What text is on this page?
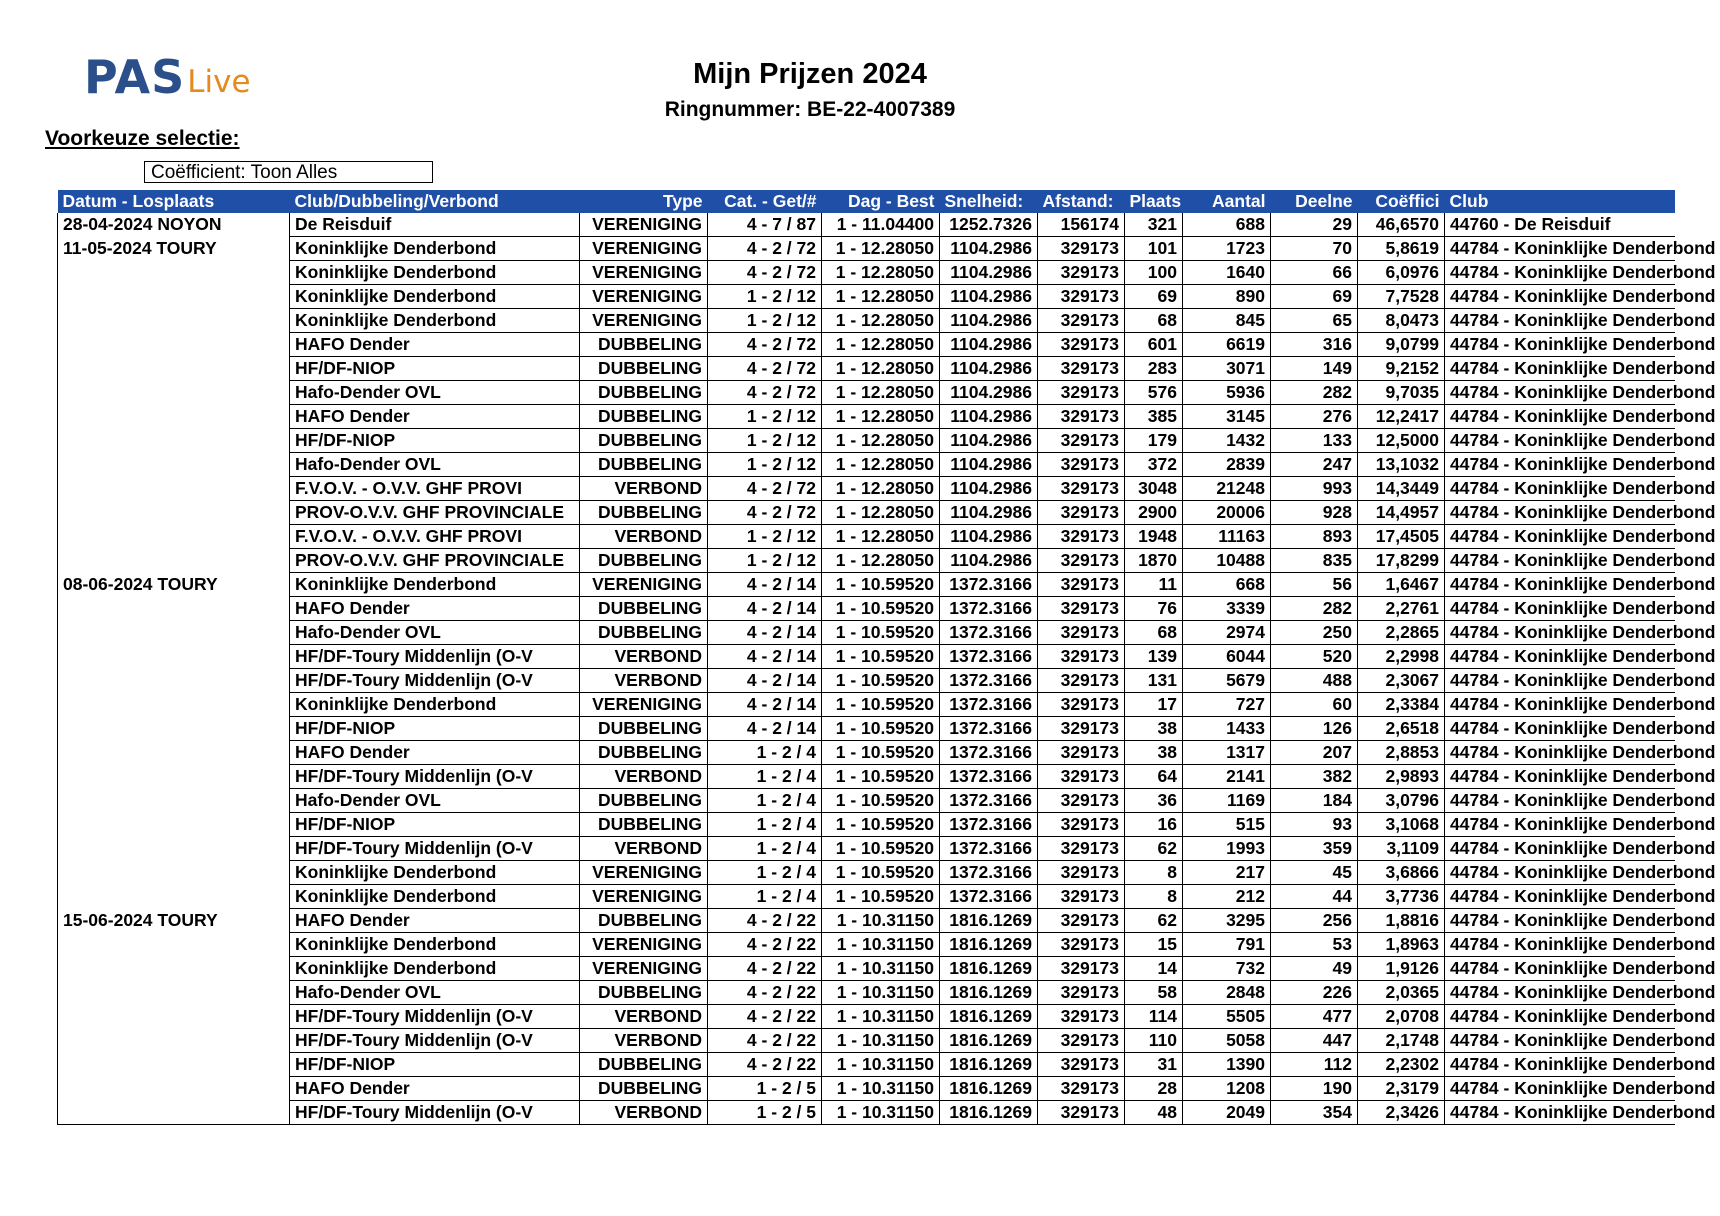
PAS Live	Mijn Prijzen 2024
Ringnummer: BE-22-4007389
Voorkeuze selectie:
Coëfficient: Toon Alles
Datum - Losplaats	Club/Dubbeling/Verbond	Type	Cat. - Get/#	Dag - Best	Snelheid:	Afstand:	Plaats	Aantal	Deelne	Coëffici	Club
28-04-2024 NOYON	De Reisduif	VERENIGING	4 - 7 / 87	1 - 11.04400	1252.7326	156174	321	688	29	46,6570	44760 - De Reisduif
11-05-2024 TOURY	Koninklijke Denderbond	VERENIGING	4 - 2 / 72	1 - 12.28050	1104.2986	329173	101	1723	70	5,8619	44784 - Koninklijke Denderbond
	Koninklijke Denderbond	VERENIGING	4 - 2 / 72	1 - 12.28050	1104.2986	329173	100	1640	66	6,0976	44784 - Koninklijke Denderbond
	Koninklijke Denderbond	VERENIGING	1 - 2 / 12	1 - 12.28050	1104.2986	329173	69	890	69	7,7528	44784 - Koninklijke Denderbond
	Koninklijke Denderbond	VERENIGING	1 - 2 / 12	1 - 12.28050	1104.2986	329173	68	845	65	8,0473	44784 - Koninklijke Denderbond
	HAFO Dender	DUBBELING	4 - 2 / 72	1 - 12.28050	1104.2986	329173	601	6619	316	9,0799	44784 - Koninklijke Denderbond
	HF/DF-NIOP	DUBBELING	4 - 2 / 72	1 - 12.28050	1104.2986	329173	283	3071	149	9,2152	44784 - Koninklijke Denderbond
	Hafo-Dender OVL	DUBBELING	4 - 2 / 72	1 - 12.28050	1104.2986	329173	576	5936	282	9,7035	44784 - Koninklijke Denderbond
	HAFO Dender	DUBBELING	1 - 2 / 12	1 - 12.28050	1104.2986	329173	385	3145	276	12,2417	44784 - Koninklijke Denderbond
	HF/DF-NIOP	DUBBELING	1 - 2 / 12	1 - 12.28050	1104.2986	329173	179	1432	133	12,5000	44784 - Koninklijke Denderbond
	Hafo-Dender OVL	DUBBELING	1 - 2 / 12	1 - 12.28050	1104.2986	329173	372	2839	247	13,1032	44784 - Koninklijke Denderbond
	F.V.O.V. - O.V.V. GHF PROVI	VERBOND	4 - 2 / 72	1 - 12.28050	1104.2986	329173	3048	21248	993	14,3449	44784 - Koninklijke Denderbond
	PROV-O.V.V. GHF PROVINCIALE	DUBBELING	4 - 2 / 72	1 - 12.28050	1104.2986	329173	2900	20006	928	14,4957	44784 - Koninklijke Denderbond
	F.V.O.V. - O.V.V. GHF PROVI	VERBOND	1 - 2 / 12	1 - 12.28050	1104.2986	329173	1948	11163	893	17,4505	44784 - Koninklijke Denderbond
	PROV-O.V.V. GHF PROVINCIALE	DUBBELING	1 - 2 / 12	1 - 12.28050	1104.2986	329173	1870	10488	835	17,8299	44784 - Koninklijke Denderbond
08-06-2024 TOURY	Koninklijke Denderbond	VERENIGING	4 - 2 / 14	1 - 10.59520	1372.3166	329173	11	668	56	1,6467	44784 - Koninklijke Denderbond
	HAFO Dender	DUBBELING	4 - 2 / 14	1 - 10.59520	1372.3166	329173	76	3339	282	2,2761	44784 - Koninklijke Denderbond
	Hafo-Dender OVL	DUBBELING	4 - 2 / 14	1 - 10.59520	1372.3166	329173	68	2974	250	2,2865	44784 - Koninklijke Denderbond
	HF/DF-Toury Middenlijn (O-V	VERBOND	4 - 2 / 14	1 - 10.59520	1372.3166	329173	139	6044	520	2,2998	44784 - Koninklijke Denderbond
	HF/DF-Toury Middenlijn (O-V	VERBOND	4 - 2 / 14	1 - 10.59520	1372.3166	329173	131	5679	488	2,3067	44784 - Koninklijke Denderbond
	Koninklijke Denderbond	VERENIGING	4 - 2 / 14	1 - 10.59520	1372.3166	329173	17	727	60	2,3384	44784 - Koninklijke Denderbond
	HF/DF-NIOP	DUBBELING	4 - 2 / 14	1 - 10.59520	1372.3166	329173	38	1433	126	2,6518	44784 - Koninklijke Denderbond
	HAFO Dender	DUBBELING	1 - 2 / 4	1 - 10.59520	1372.3166	329173	38	1317	207	2,8853	44784 - Koninklijke Denderbond
	HF/DF-Toury Middenlijn (O-V	VERBOND	1 - 2 / 4	1 - 10.59520	1372.3166	329173	64	2141	382	2,9893	44784 - Koninklijke Denderbond
	Hafo-Dender OVL	DUBBELING	1 - 2 / 4	1 - 10.59520	1372.3166	329173	36	1169	184	3,0796	44784 - Koninklijke Denderbond
	HF/DF-NIOP	DUBBELING	1 - 2 / 4	1 - 10.59520	1372.3166	329173	16	515	93	3,1068	44784 - Koninklijke Denderbond
	HF/DF-Toury Middenlijn (O-V	VERBOND	1 - 2 / 4	1 - 10.59520	1372.3166	329173	62	1993	359	3,1109	44784 - Koninklijke Denderbond
	Koninklijke Denderbond	VERENIGING	1 - 2 / 4	1 - 10.59520	1372.3166	329173	8	217	45	3,6866	44784 - Koninklijke Denderbond
	Koninklijke Denderbond	VERENIGING	1 - 2 / 4	1 - 10.59520	1372.3166	329173	8	212	44	3,7736	44784 - Koninklijke Denderbond
15-06-2024 TOURY	HAFO Dender	DUBBELING	4 - 2 / 22	1 - 10.31150	1816.1269	329173	62	3295	256	1,8816	44784 - Koninklijke Denderbond
	Koninklijke Denderbond	VERENIGING	4 - 2 / 22	1 - 10.31150	1816.1269	329173	15	791	53	1,8963	44784 - Koninklijke Denderbond
	Koninklijke Denderbond	VERENIGING	4 - 2 / 22	1 - 10.31150	1816.1269	329173	14	732	49	1,9126	44784 - Koninklijke Denderbond
	Hafo-Dender OVL	DUBBELING	4 - 2 / 22	1 - 10.31150	1816.1269	329173	58	2848	226	2,0365	44784 - Koninklijke Denderbond
	HF/DF-Toury Middenlijn (O-V	VERBOND	4 - 2 / 22	1 - 10.31150	1816.1269	329173	114	5505	477	2,0708	44784 - Koninklijke Denderbond
	HF/DF-Toury Middenlijn (O-V	VERBOND	4 - 2 / 22	1 - 10.31150	1816.1269	329173	110	5058	447	2,1748	44784 - Koninklijke Denderbond
	HF/DF-NIOP	DUBBELING	4 - 2 / 22	1 - 10.31150	1816.1269	329173	31	1390	112	2,2302	44784 - Koninklijke Denderbond
	HAFO Dender	DUBBELING	1 - 2 / 5	1 - 10.31150	1816.1269	329173	28	1208	190	2,3179	44784 - Koninklijke Denderbond
	HF/DF-Toury Middenlijn (O-V	VERBOND	1 - 2 / 5	1 - 10.31150	1816.1269	329173	48	2049	354	2,3426	44784 - Koninklijke Denderbond
